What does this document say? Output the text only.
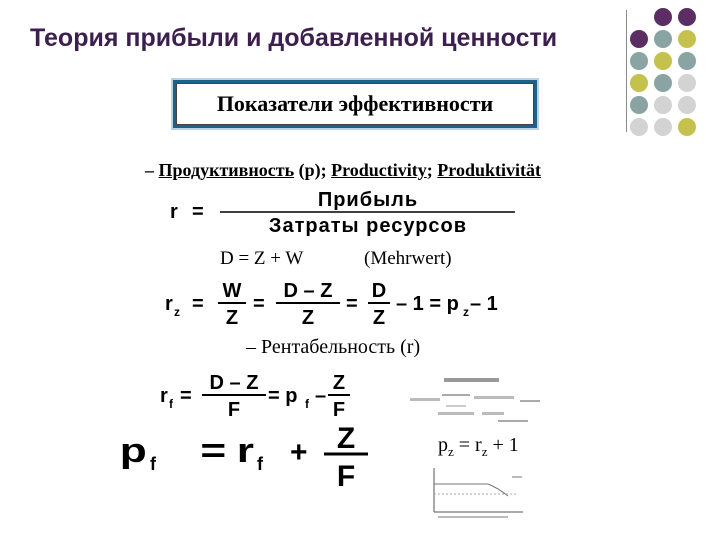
Теория прибыли и добавленной ценности
Показатели эффективности
– Продуктивность (p); Productivity; Produktivität
r =
Прибыль
Затраты ресурсов
D = Z + W	(Mehrwert)
r z =
W
Z
=
D – Z
Z
=
D
Z
– 1 = p z – 1
– Рентабельность (r)
r f =
D – Z
F
= p f –
Z
F
p f = r f + Z
F
$p_z = r_z + 1$
